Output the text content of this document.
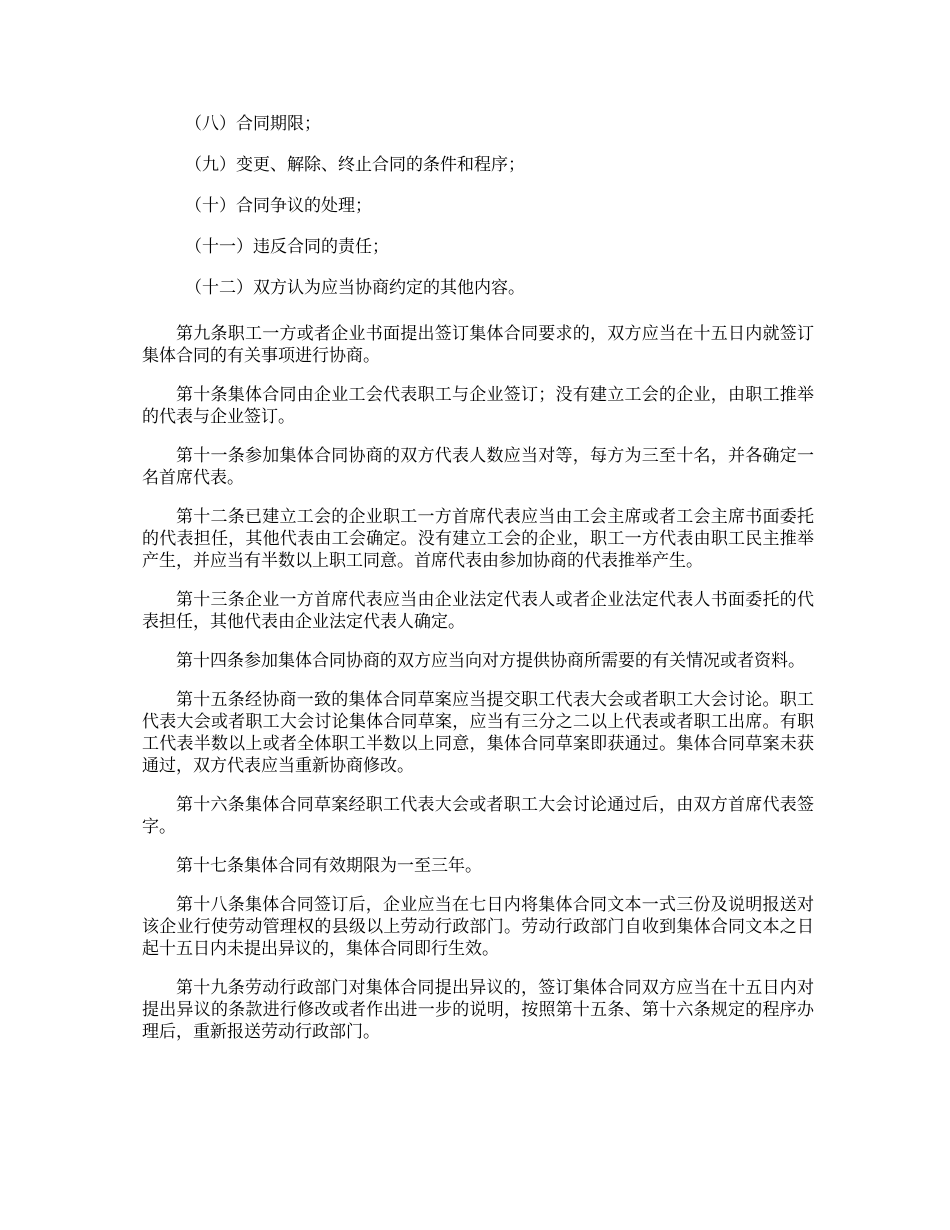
（八）合同期限；

（九）变更、解除、终止合同的条件和程序；

（十）合同争议的处理；

（十一）违反合同的责任；

（十二）双方认为应当协商约定的其他内容。

第九条职工一方或者企业书面提出签订集体合同要求的，双方应当在十五日内就签订集体合同的有关事项进行协商。

第十条集体合同由企业工会代表职工与企业签订；没有建立工会的企业，由职工推举的代表与企业签订。

第十一条参加集体合同协商的双方代表人数应当对等，每方为三至十名，并各确定一名首席代表。

第十二条已建立工会的企业职工一方首席代表应当由工会主席或者工会主席书面委托的代表担任，其他代表由工会确定。没有建立工会的企业，职工一方代表由职工民主推举产生，并应当有半数以上职工同意。首席代表由参加协商的代表推举产生。

第十三条企业一方首席代表应当由企业法定代表人或者企业法定代表人书面委托的代表担任，其他代表由企业法定代表人确定。

第十四条参加集体合同协商的双方应当向对方提供协商所需要的有关情况或者资料。

第十五条经协商一致的集体合同草案应当提交职工代表大会或者职工大会讨论。职工代表大会或者职工大会讨论集体合同草案，应当有三分之二以上代表或者职工出席。有职工代表半数以上或者全体职工半数以上同意，集体合同草案即获通过。集体合同草案未获通过，双方代表应当重新协商修改。

第十六条集体合同草案经职工代表大会或者职工大会讨论通过后，由双方首席代表签字。

第十七条集体合同有效期限为一至三年。

第十八条集体合同签订后，企业应当在七日内将集体合同文本一式三份及说明报送对该企业行使劳动管理权的县级以上劳动行政部门。劳动行政部门自收到集体合同文本之日起十五日内未提出异议的，集体合同即行生效。

第十九条劳动行政部门对集体合同提出异议的，签订集体合同双方应当在十五日内对提出异议的条款进行修改或者作出进一步的说明，按照第十五条、第十六条规定的程序办理后，重新报送劳动行政部门。
